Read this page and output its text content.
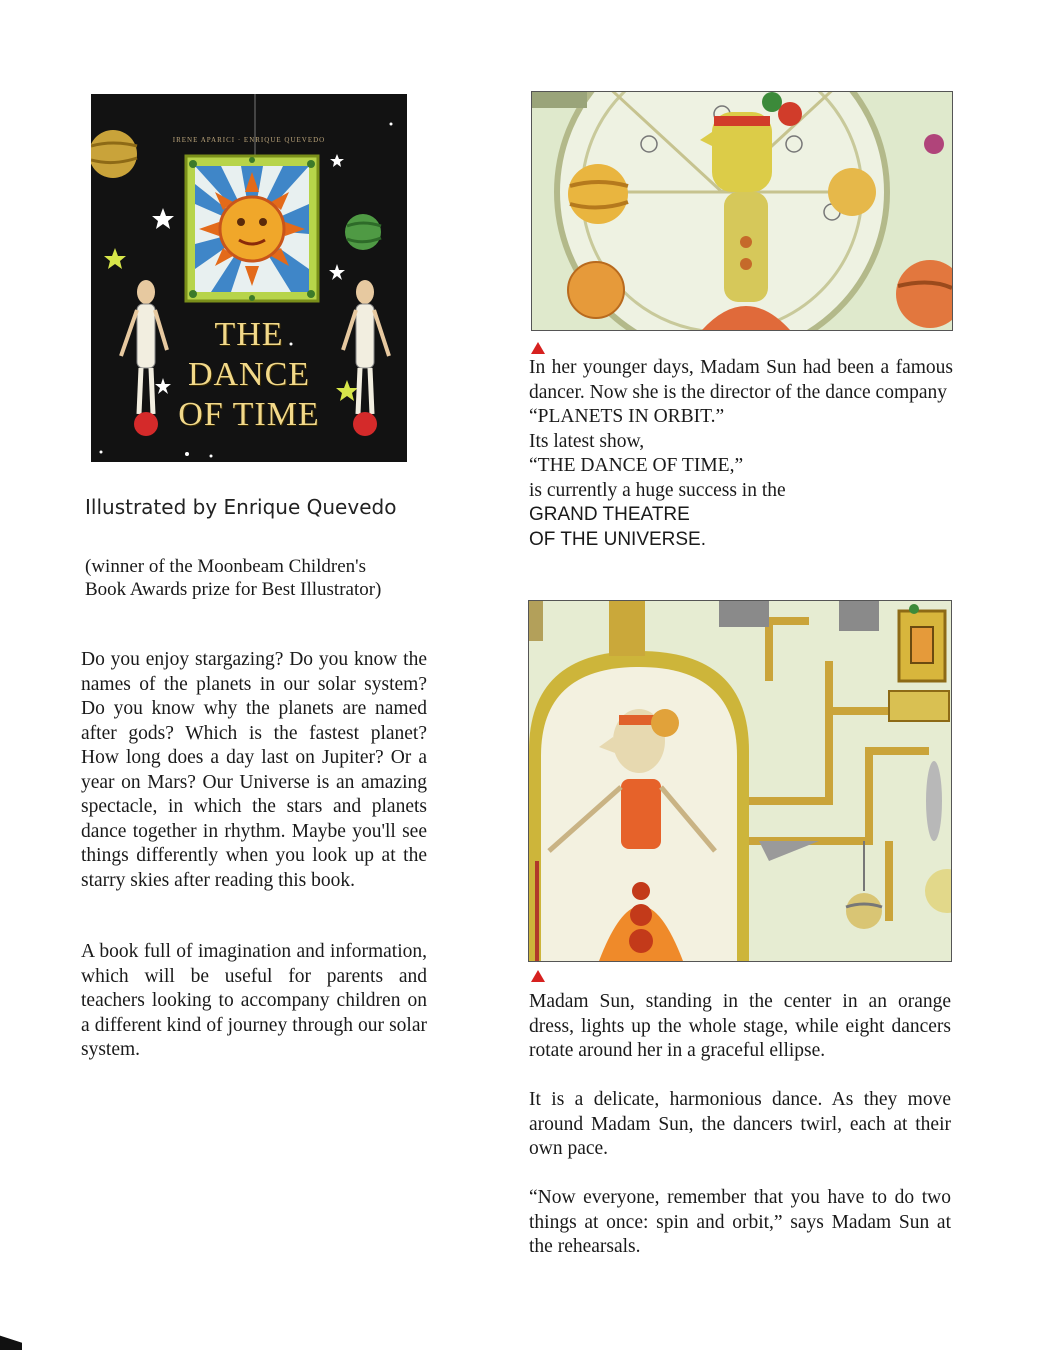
IRENE APARICI · ENRIQUE QUEVEDO
THE
DANCE
OF TIME
Illustrated by Enrique Quevedo
(winner of the Moonbeam Children's
Book Awards prize for Best Illustrator)
Do you enjoy stargazing? Do you know the names of the planets in our solar system? Do you know why the planets are named after gods? Which is the fastest planet? How long does a day last on Jupiter? Or a year on Mars? Our Universe is an amazing spectacle, in which the stars and planets dance together in rhythm. Maybe you'll see things differently when you look up at the starry skies after reading this book.
A book full of imagination and information, which will be useful for parents and teachers looking to accompany children on a different kind of journey through our solar system.
In her younger days, Madam Sun had been a famous dancer. Now she is the director of the dance company
“PLANETS IN ORBIT.”
Its latest show,
“THE DANCE OF TIME,”
is currently a huge success in the
GRAND THEATRE
OF THE UNIVERSE.
Madam Sun, standing in the center in an orange dress, lights up the whole stage, while eight dancers rotate around her in a graceful ellipse.
It is a delicate, harmonious dance. As they move around Madam Sun, the dancers twirl, each at their own pace.
“Now everyone, remember that you have to do two things at once: spin and orbit,” says Madam Sun at the rehearsals.
